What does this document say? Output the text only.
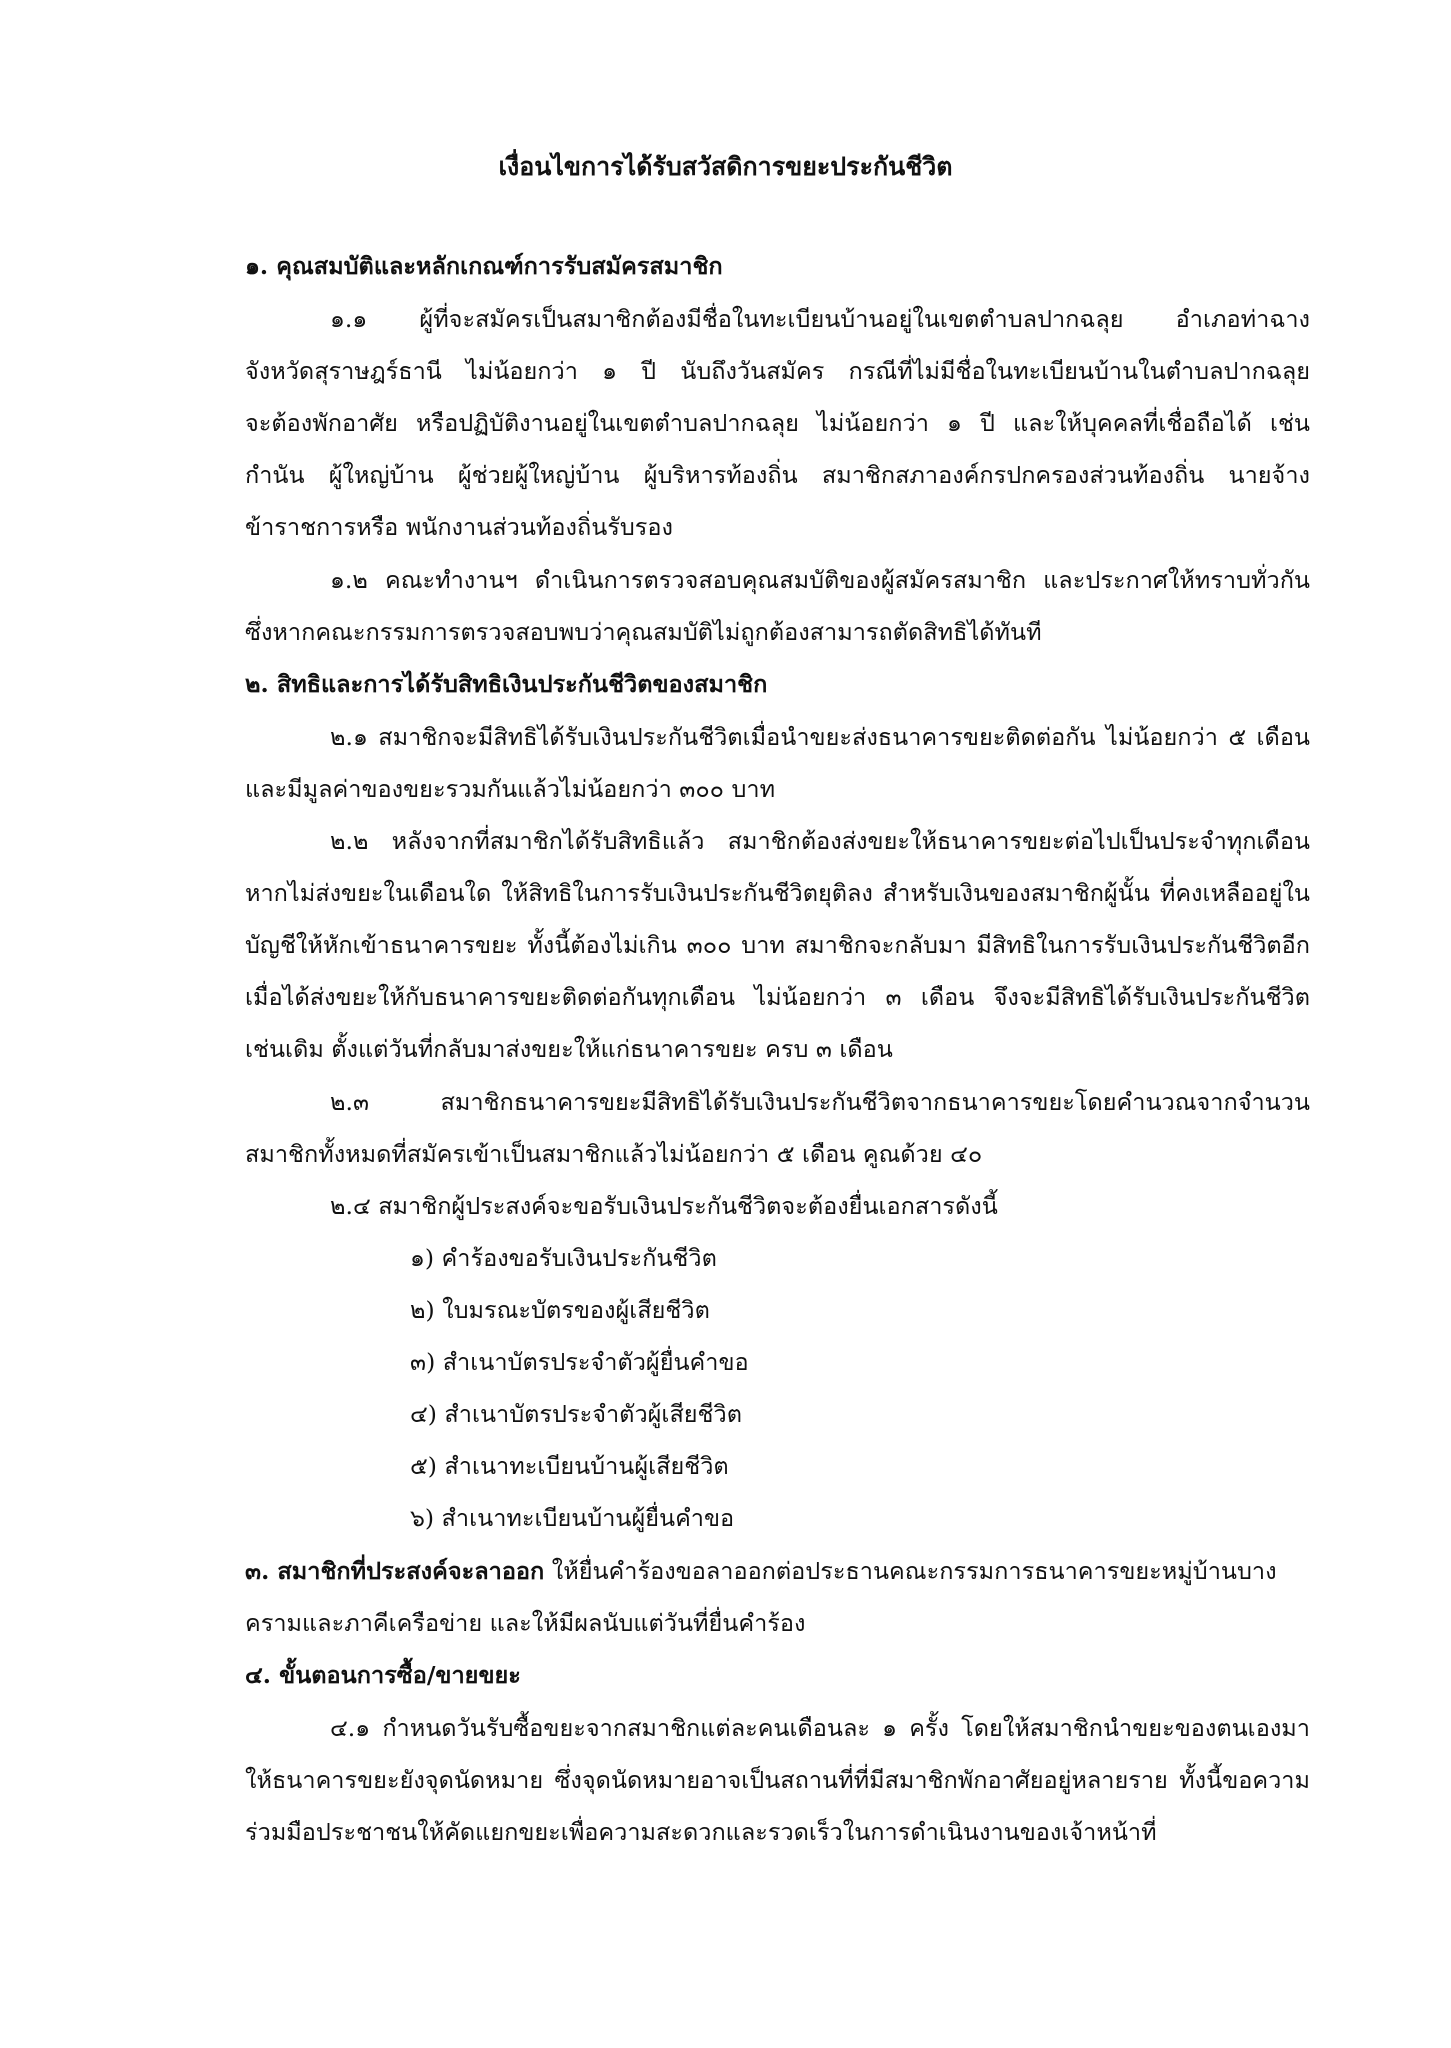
เงื่อนไขการได้รับสวัสดิการขยะประกันชีวิต
๑. คุณสมบัติและหลักเกณฑ์การรับสมัครสมาชิก
๑.๑ ผู้ที่จะสมัครเป็นสมาชิกต้องมีชื่อในทะเบียนบ้านอยู่ในเขตตำบลปากฉลุย อำเภอท่าฉาง
จังหวัดสุราษฎร์ธานี ไม่น้อยกว่า ๑ ปี นับถึงวันสมัคร กรณีที่ไม่มีชื่อในทะเบียนบ้านในตำบลปากฉลุย
จะต้องพักอาศัย หรือปฏิบัติงานอยู่ในเขตตำบลปากฉลุย ไม่น้อยกว่า ๑ ปี และให้บุคคลที่เชื่อถือได้ เช่น
กำนัน ผู้ใหญ่บ้าน ผู้ช่วยผู้ใหญ่บ้าน ผู้บริหารท้องถิ่น สมาชิกสภาองค์กรปกครองส่วนท้องถิ่น นายจ้าง
ข้าราชการหรือ พนักงานส่วนท้องถิ่นรับรอง
๑.๒ คณะทำงานฯ ดำเนินการตรวจสอบคุณสมบัติของผู้สมัครสมาชิก และประกาศให้ทราบทั่วกัน
ซึ่งหากคณะกรรมการตรวจสอบพบว่าคุณสมบัติไม่ถูกต้องสามารถตัดสิทธิได้ทันที
๒. สิทธิและการได้รับสิทธิเงินประกันชีวิตของสมาชิก
๒.๑ สมาชิกจะมีสิทธิได้รับเงินประกันชีวิตเมื่อนำขยะส่งธนาคารขยะติดต่อกัน ไม่น้อยกว่า ๕ เดือน
และมีมูลค่าของขยะรวมกันแล้วไม่น้อยกว่า ๓๐๐ บาท
๒.๒ หลังจากที่สมาชิกได้รับสิทธิแล้ว สมาชิกต้องส่งขยะให้ธนาคารขยะต่อไปเป็นประจำทุกเดือน
หากไม่ส่งขยะในเดือนใด ให้สิทธิในการรับเงินประกันชีวิตยุติลง สำหรับเงินของสมาชิกผู้นั้น ที่คงเหลืออยู่ใน
บัญชีให้หักเข้าธนาคารขยะ ทั้งนี้ต้องไม่เกิน ๓๐๐ บาท สมาชิกจะกลับมา มีสิทธิในการรับเงินประกันชีวิตอีก
เมื่อได้ส่งขยะให้กับธนาคารขยะติดต่อกันทุกเดือน ไม่น้อยกว่า ๓ เดือน จึงจะมีสิทธิได้รับเงินประกันชีวิต
เช่นเดิม ตั้งแต่วันที่กลับมาส่งขยะให้แก่ธนาคารขยะ ครบ ๓ เดือน
๒.๓ สมาชิกธนาคารขยะมีสิทธิได้รับเงินประกันชีวิตจากธนาคารขยะโดยคำนวณจากจำนวน
สมาชิกทั้งหมดที่สมัครเข้าเป็นสมาชิกแล้วไม่น้อยกว่า ๕ เดือน คูณด้วย ๔๐
๒.๔ สมาชิกผู้ประสงค์จะขอรับเงินประกันชีวิตจะต้องยื่นเอกสารดังนี้
๑) คำร้องขอรับเงินประกันชีวิต
๒) ใบมรณะบัตรของผู้เสียชีวิต
๓) สำเนาบัตรประจำตัวผู้ยื่นคำขอ
๔) สำเนาบัตรประจำตัวผู้เสียชีวิต
๕) สำเนาทะเบียนบ้านผู้เสียชีวิต
๖) สำเนาทะเบียนบ้านผู้ยื่นคำขอ
๓. สมาชิกที่ประสงค์จะลาออก ให้ยื่นคำร้องขอลาออกต่อประธานคณะกรรมการธนาคารขยะหมู่บ้านบาง
ครามและภาคีเครือข่าย และให้มีผลนับแต่วันที่ยื่นคำร้อง
๔. ขั้นตอนการซื้อ/ขายขยะ
๔.๑ กำหนดวันรับซื้อขยะจากสมาชิกแต่ละคนเดือนละ ๑ ครั้ง โดยให้สมาชิกนำขยะของตนเองมา
ให้ธนาคารขยะยังจุดนัดหมาย ซึ่งจุดนัดหมายอาจเป็นสถานที่ที่มีสมาชิกพักอาศัยอยู่หลายราย ทั้งนี้ขอความ
ร่วมมือประชาชนให้คัดแยกขยะเพื่อความสะดวกและรวดเร็วในการดำเนินงานของเจ้าหน้าที่
